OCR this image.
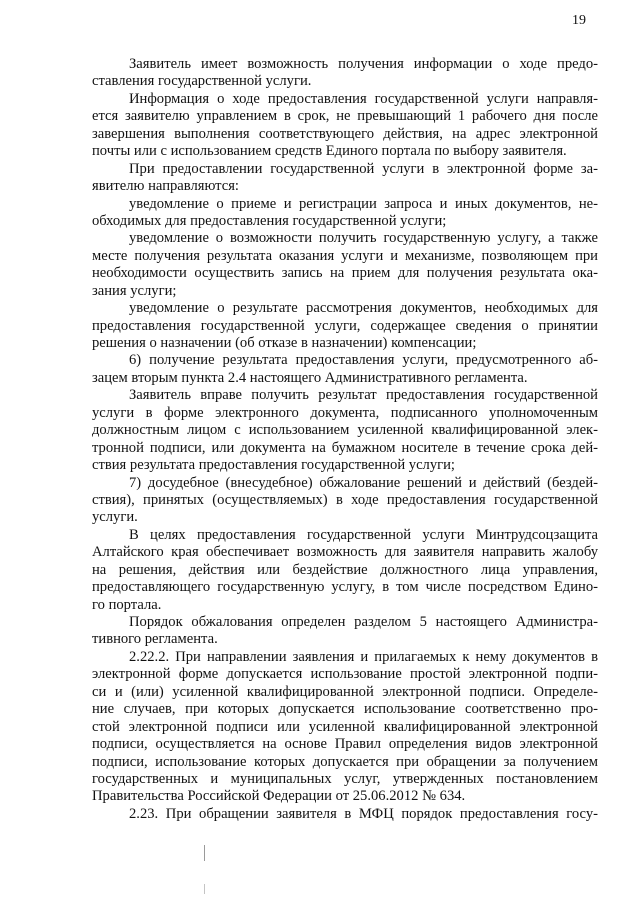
19
Заявитель имеет возможность получения информации о ходе предо-
ставления государственной услуги.
Информация о ходе предоставления государственной услуги направля-
ется заявителю управлением в срок, не превышающий 1 рабочего дня после
завершения выполнения соответствующего действия, на адрес электронной
почты или с использованием средств Единого портала по выбору заявителя.
При предоставлении государственной услуги в электронной форме за-
явителю направляются:
уведомление о приеме и регистрации запроса и иных документов, не-
обходимых для предоставления государственной услуги;
уведомление о возможности получить государственную услугу, а также
месте получения результата оказания услуги и механизме, позволяющем при
необходимости осуществить запись на прием для получения результата ока-
зания услуги;
уведомление о результате рассмотрения документов, необходимых для
предоставления государственной услуги, содержащее сведения о принятии
решения о назначении (об отказе в назначении) компенсации;
6) получение результата предоставления услуги, предусмотренного аб-
зацем вторым пункта 2.4 настоящего Административного регламента.
Заявитель вправе получить результат предоставления государственной
услуги в форме электронного документа, подписанного уполномоченным
должностным лицом с использованием усиленной квалифицированной элек-
тронной подписи, или документа на бумажном носителе в течение срока дей-
ствия результата предоставления государственной услуги;
7) досудебное (внесудебное) обжалование решений и действий (бездей-
ствия), принятых (осуществляемых) в ходе предоставления государственной
услуги.
В целях предоставления государственной услуги Минтрудсоцзащита
Алтайского края обеспечивает возможность для заявителя направить жалобу
на решения, действия или бездействие должностного лица управления,
предоставляющего государственную услугу, в том числе посредством Едино-
го портала.
Порядок обжалования определен разделом 5 настоящего Администра-
тивного регламента.
2.22.2. При направлении заявления и прилагаемых к нему документов в
электронной форме допускается использование простой электронной подпи-
си и (или) усиленной квалифицированной электронной подписи. Определе-
ние случаев, при которых допускается использование соответственно про-
стой электронной подписи или усиленной квалифицированной электронной
подписи, осуществляется на основе Правил определения видов электронной
подписи, использование которых допускается при обращении за получением
государственных и муниципальных услуг, утвержденных постановлением
Правительства Российской Федерации от 25.06.2012 № 634.
2.23. При обращении заявителя в МФЦ порядок предоставления госу-
